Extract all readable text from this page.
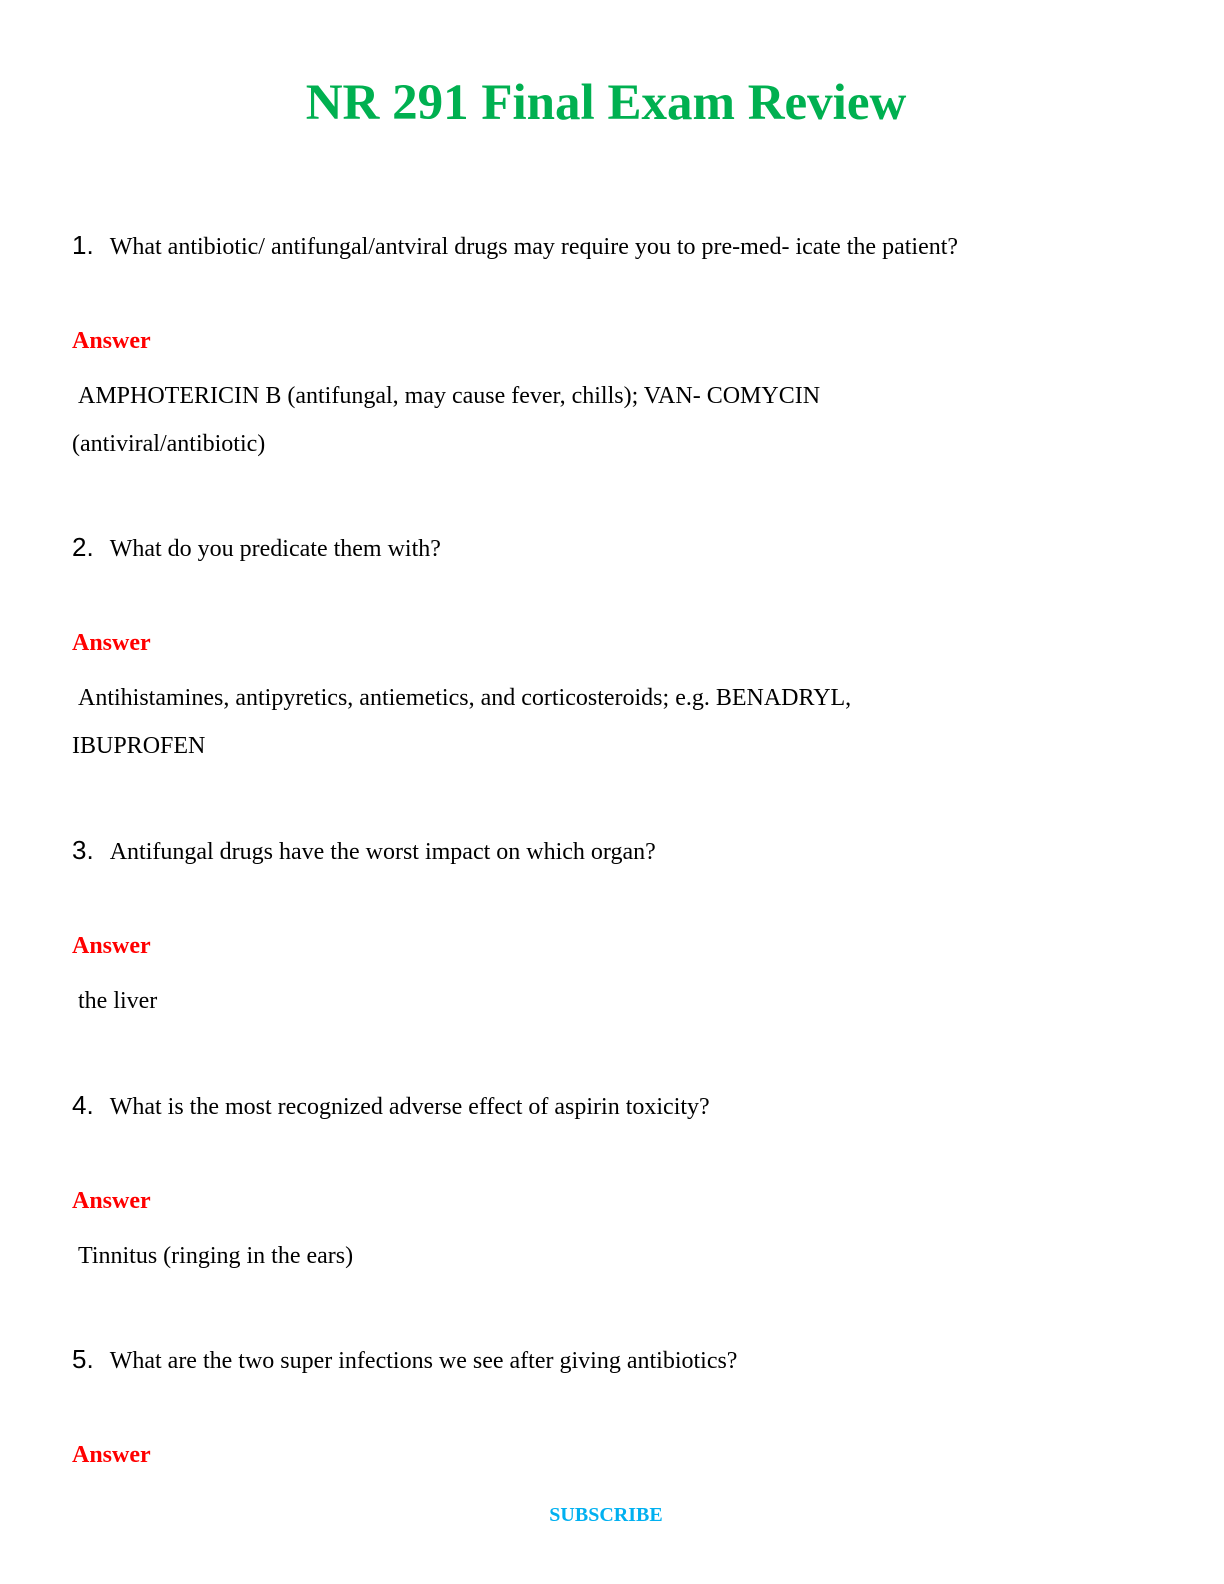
NR 291 Final Exam Review
1. What antibiotic/ antifungal/antviral drugs may require you to pre-med- icate the patient?
Answer
AMPHOTERICIN B (antifungal, may cause fever, chills); VAN- COMYCIN
(antiviral/antibiotic)
2. What do you predicate them with?
Answer
Antihistamines, antipyretics, antiemetics, and corticosteroids; e.g. BENADRYL,
IBUPROFEN
3. Antifungal drugs have the worst impact on which organ?
Answer
the liver
4. What is the most recognized adverse effect of aspirin toxicity?
Answer
Tinnitus (ringing in the ears)
5. What are the two super infections we see after giving antibiotics?
Answer
SUBSCRIBE
